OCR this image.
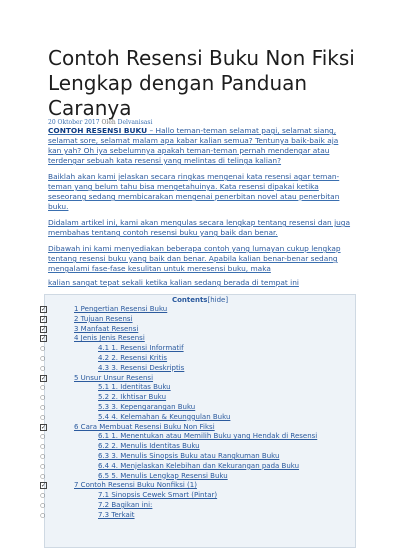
Contoh Resensi Buku Non Fiksi Lengkap dengan Panduan Caranya
20 Oktober 2017 Oleh Delvanisasi

CONTOH RESENSI BUKU – Hallo teman-teman selamat pagi, selamat siang, selamat sore, selamat malam apa kabar kalian semua? Tentunya baik-baik aja kan yah? Oh iya sebelumnya apakah teman-teman pernah mendengar atau terdengar sebuah kata resensi yang melintas di telinga kalian?

Baiklah akan kami jelaskan secara ringkas mengenai kata resensi agar teman-teman yang belum tahu bisa mengetahuinya. Kata resensi dipakai ketika seseorang sedang membicarakan mengenai penerbitan novel atau penerbitan buku.

Didalam artikel ini, kami akan mengulas secara lengkap tentang resensi dan juga membahas tentang contoh resensi buku yang baik dan benar.

Dibawah ini kami menyediakan beberapa contoh yang lumayan cukup lengkap tentang resensi buku yang baik dan benar. Apabila kalian benar-benar sedang mengalami fase-fase kesulitan untuk meresensi buku, maka

kalian sangat tepat sekali ketika kalian sedang berada di tempat ini

Contents[hide]
✓	1 Pengertian Resensi Buku
✓	2 Tujuan Resensi
✓	3 Manfaat Resensi
✓	4 Jenis Jenis Resensi
○	4.1 1. Resensi Informatif
○	4.2 2. Resensi Kritis
○	4.3 3. Resensi Deskriptis
✓	5 Unsur Unsur Resensi
○	5.1 1. Identitas Buku
○	5.2 2. Ikhtisar Buku
○	5.3 3. Kepengarangan Buku
○	5.4 4. Kelemahan & Keunggulan Buku
✓	6 Cara Membuat Resensi Buku Non Fiksi
○	6.1 1. Menentukan atau Memilih Buku yang Hendak di Resensi
○	6.2 2. Menulis Identitas Buku
○	6.3 3. Menulis Sinopsis Buku atau Rangkuman Buku
○	6.4 4. Menjelaskan Kelebihan dan Kekurangan pada Buku
○	6.5 5. Menulis Lengkap Resensi Buku
✓	7 Contoh Resensi Buku Nonfiksi (1)
○	7.1 Sinopsis Cewek Smart (Pintar)
○	7.2 Bagikan ini:
○	7.3 Terkait
